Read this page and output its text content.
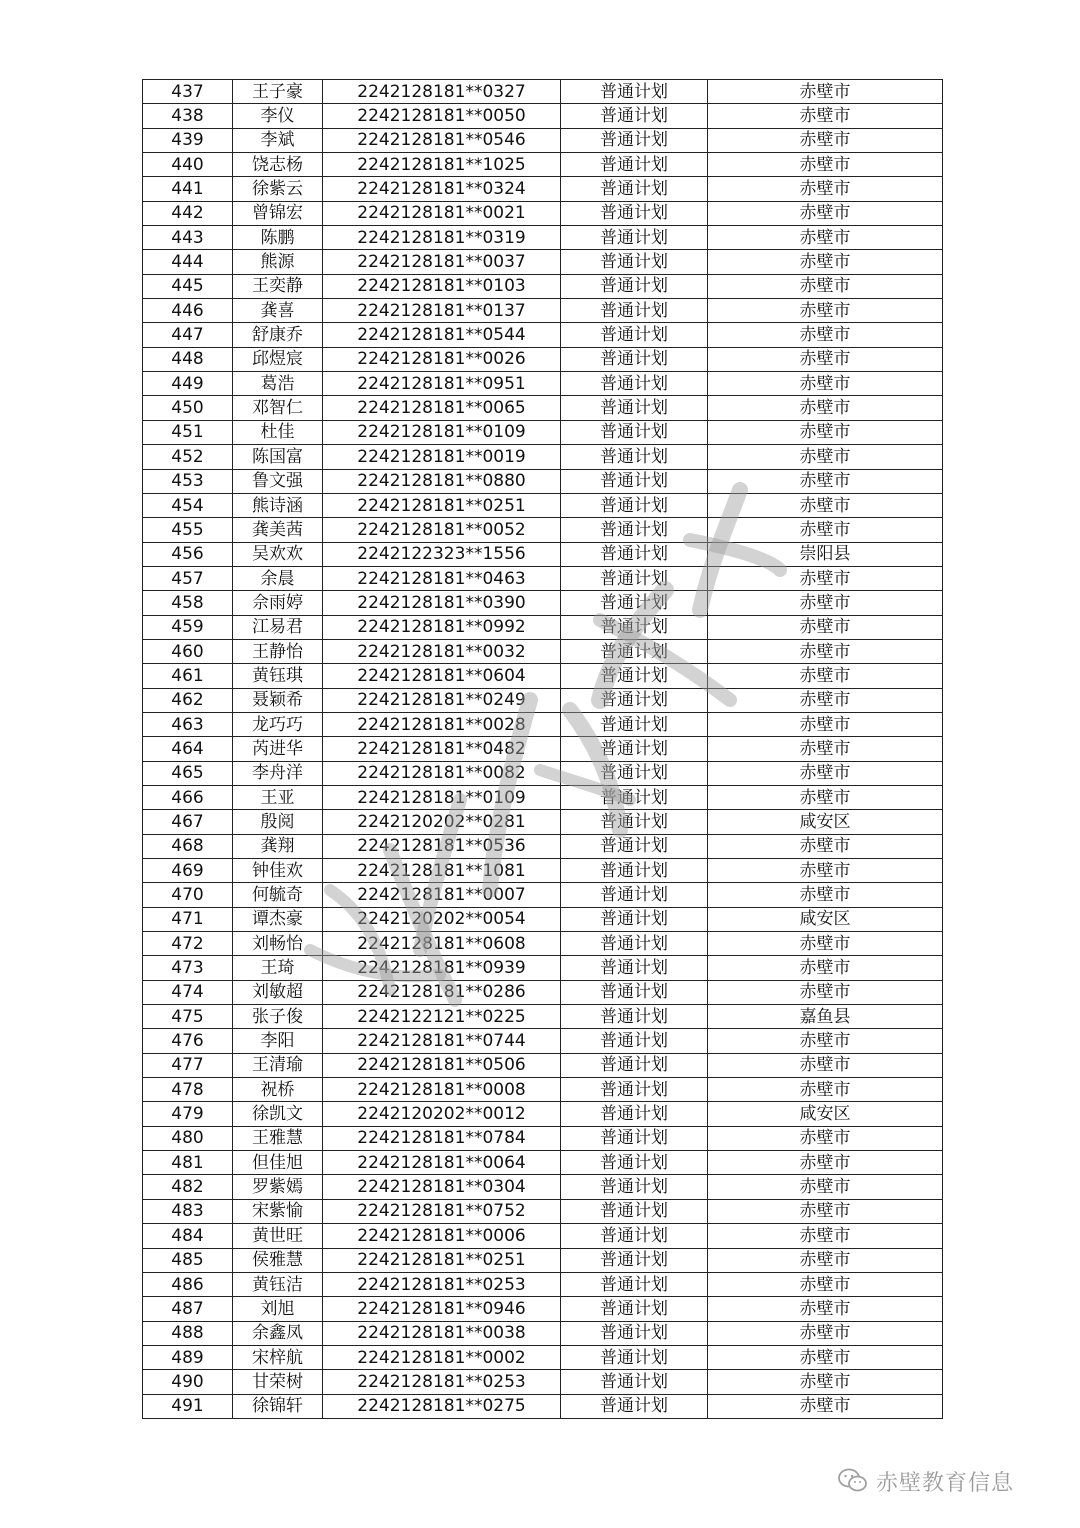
437	王子豪	2242128181**0327	普通计划	赤壁市
438	李仪	2242128181**0050	普通计划	赤壁市
439	李斌	2242128181**0546	普通计划	赤壁市
440	饶志杨	2242128181**1025	普通计划	赤壁市
441	徐紫云	2242128181**0324	普通计划	赤壁市
442	曾锦宏	2242128181**0021	普通计划	赤壁市
443	陈鹏	2242128181**0319	普通计划	赤壁市
444	熊源	2242128181**0037	普通计划	赤壁市
445	王奕静	2242128181**0103	普通计划	赤壁市
446	龚喜	2242128181**0137	普通计划	赤壁市
447	舒康乔	2242128181**0544	普通计划	赤壁市
448	邱煜宸	2242128181**0026	普通计划	赤壁市
449	葛浩	2242128181**0951	普通计划	赤壁市
450	邓智仁	2242128181**0065	普通计划	赤壁市
451	杜佳	2242128181**0109	普通计划	赤壁市
452	陈国富	2242128181**0019	普通计划	赤壁市
453	鲁文强	2242128181**0880	普通计划	赤壁市
454	熊诗涵	2242128181**0251	普通计划	赤壁市
455	龚美茜	2242128181**0052	普通计划	赤壁市
456	吴欢欢	2242122323**1556	普通计划	崇阳县
457	余晨	2242128181**0463	普通计划	赤壁市
458	佘雨婷	2242128181**0390	普通计划	赤壁市
459	江易君	2242128181**0992	普通计划	赤壁市
460	王静怡	2242128181**0032	普通计划	赤壁市
461	黄钰琪	2242128181**0604	普通计划	赤壁市
462	聂颖希	2242128181**0249	普通计划	赤壁市
463	龙巧巧	2242128181**0028	普通计划	赤壁市
464	芮进华	2242128181**0482	普通计划	赤壁市
465	李舟洋	2242128181**0082	普通计划	赤壁市
466	王亚	2242128181**0109	普通计划	赤壁市
467	殷阅	2242120202**0281	普通计划	咸安区
468	龚翔	2242128181**0536	普通计划	赤壁市
469	钟佳欢	2242128181**1081	普通计划	赤壁市
470	何毓奇	2242128181**0007	普通计划	赤壁市
471	谭杰豪	2242120202**0054	普通计划	咸安区
472	刘畅怡	2242128181**0608	普通计划	赤壁市
473	王琦	2242128181**0939	普通计划	赤壁市
474	刘敏超	2242128181**0286	普通计划	赤壁市
475	张子俊	2242122121**0225	普通计划	嘉鱼县
476	李阳	2242128181**0744	普通计划	赤壁市
477	王清瑜	2242128181**0506	普通计划	赤壁市
478	祝桥	2242128181**0008	普通计划	赤壁市
479	徐凯文	2242120202**0012	普通计划	咸安区
480	王雅慧	2242128181**0784	普通计划	赤壁市
481	但佳旭	2242128181**0064	普通计划	赤壁市
482	罗紫嫣	2242128181**0304	普通计划	赤壁市
483	宋紫愉	2242128181**0752	普通计划	赤壁市
484	黄世旺	2242128181**0006	普通计划	赤壁市
485	侯雅慧	2242128181**0251	普通计划	赤壁市
486	黄钰洁	2242128181**0253	普通计划	赤壁市
487	刘旭	2242128181**0946	普通计划	赤壁市
488	余鑫凤	2242128181**0038	普通计划	赤壁市
489	宋梓航	2242128181**0002	普通计划	赤壁市
490	甘荣树	2242128181**0253	普通计划	赤壁市
491	徐锦轩	2242128181**0275	普通计划	赤壁市
赤壁教育信息
